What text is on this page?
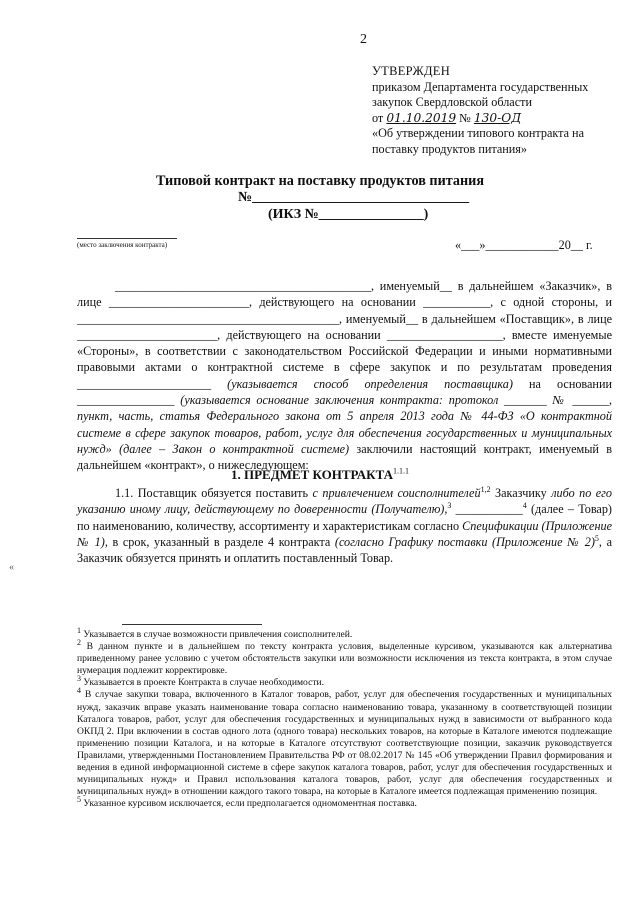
2
УТВЕРЖДЕН
приказом Департамента государственных закупок Свердловской области
от 01.10.2019 № 130-ОД
«Об утверждении типового контракта на поставку продуктов питания»
Типовой контракт на поставку продуктов питания
№_______________________________
(ИКЗ №_______________)
(место заключения контракта)	«___»____________20__ г.

__________________________________________, именуемый__ в дальнейшем «Заказчик», в лице _______________________, действующего на основании ___________, с одной стороны, и ___________________________________________, именуемый__ в дальнейшем «Поставщик», в лице _______________________, действующего на основании ___________________, вместе именуемые «Стороны», в соответствии с законодательством Российской Федерации и иными нормативными правовыми актами о контрактной системе в сфере закупок и по результатам проведения ______________________ (указывается способ определения поставщика) на основании ________________ (указывается основание заключения контракта: протокол _______ № ______, пункт, часть, статья Федерального закона от 5 апреля 2013 года № 44-ФЗ «О контрактной системе в сфере закупок товаров, работ, услуг для обеспечения государственных и муниципальных нужд» (далее – Закон о контрактной системе) заключили настоящий контракт, именуемый в дальнейшем «контракт», о нижеследующем:

1. ПРЕДМЕТ $КОНТРАКТА^{1.1.1}$
1.1. Поставщик обязуется поставить с привлечением соисполнителей$^{1,2}$ Заказчику либо по его указанию иному лицу, действующему по доверенности (Получателю),$^3$ ___________$^4$ (далее – Товар) по наименованию, количеству, ассортименту и характеристикам согласно Спецификации (Приложение № 1), в срок, указанный в разделе 4 контракта (согласно Графику поставки (Приложение № 2)$^5$, а Заказчик обязуется принять и оплатить поставленный Товар.
«

$^1$ Указывается в случае возможности привлечения соисполнителей.

$^2$ В данном пункте и в дальнейшем по тексту контракта условия, выделенные курсивом, указываются как альтернатива приведенному ранее условию с учетом обстоятельств закупки или возможности исключения из текста контракта, в этом случае нумерация подлежит корректировке.

$^3$ Указывается в проекте Контракта в случае необходимости.

$^4$ В случае закупки товара, включенного в Каталог товаров, работ, услуг для обеспечения государственных и муниципальных нужд, заказчик вправе указать наименование товара согласно наименованию товара, указанному в соответствующей позиции Каталога товаров, работ, услуг для обеспечения государственных и муниципальных нужд в зависимости от выбранного кода ОКПД 2. При включении в состав одного лота (одного товара) нескольких товаров, на которые в Каталоге имеются подлежащие применению позиции Каталога, и на которые в Каталоге отсутствуют соответствующие позиции, заказчик руководствуется Правилами, утвержденными Постановлением Правительства РФ от 08.02.2017 № 145 «Об утверждении Правил формирования и ведения в единой информационной системе в сфере закупок каталога товаров, работ, услуг для обеспечения государственных и муниципальных нужд» и Правил использования каталога товаров, работ, услуг для обеспечения государственных и муниципальных нужд» в отношении каждого такого товара, на которые в Каталоге имеется подлежащая применению позиция.

$^5$ Указанное курсивом исключается, если предполагается одномоментная поставка.
